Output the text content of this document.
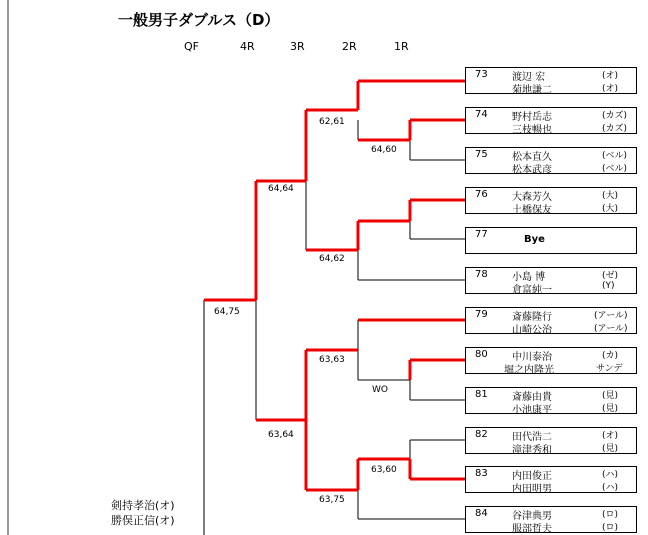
一般男子ダブルス（D）
QF	4R	3R	2R	1R
73 渡辺 宏	(オ)
菊地謙二	(オ)
74 野村岳志	(カズ)
三枝暢也	(カズ)
75 松本直久	(ベル)
松本武彦	(ベル)
76 大森芳久	(大)
土橋保友	(大)
77	Bye
78 小島 博	(ゼ)
倉富純一	(Y)
79 斎藤隆行	(アール)
山崎公治	(アール)
80 中川泰治	(カ)
堀之内隆光	サンデ
81 斎藤由貴	(見)
小池康平	(見)
82 田代浩二	(オ)
滝津秀和	(見)
83 内田俊正	(ハ)
内田明男	(ハ)
84 谷津典男	(ロ)
服部哲夫	(ロ)
64,60
62,61
64,62
64,64
64,75
WO
63,63
63,60
63,64
63,75
剣持孝治(オ)
勝俣正信(オ)
